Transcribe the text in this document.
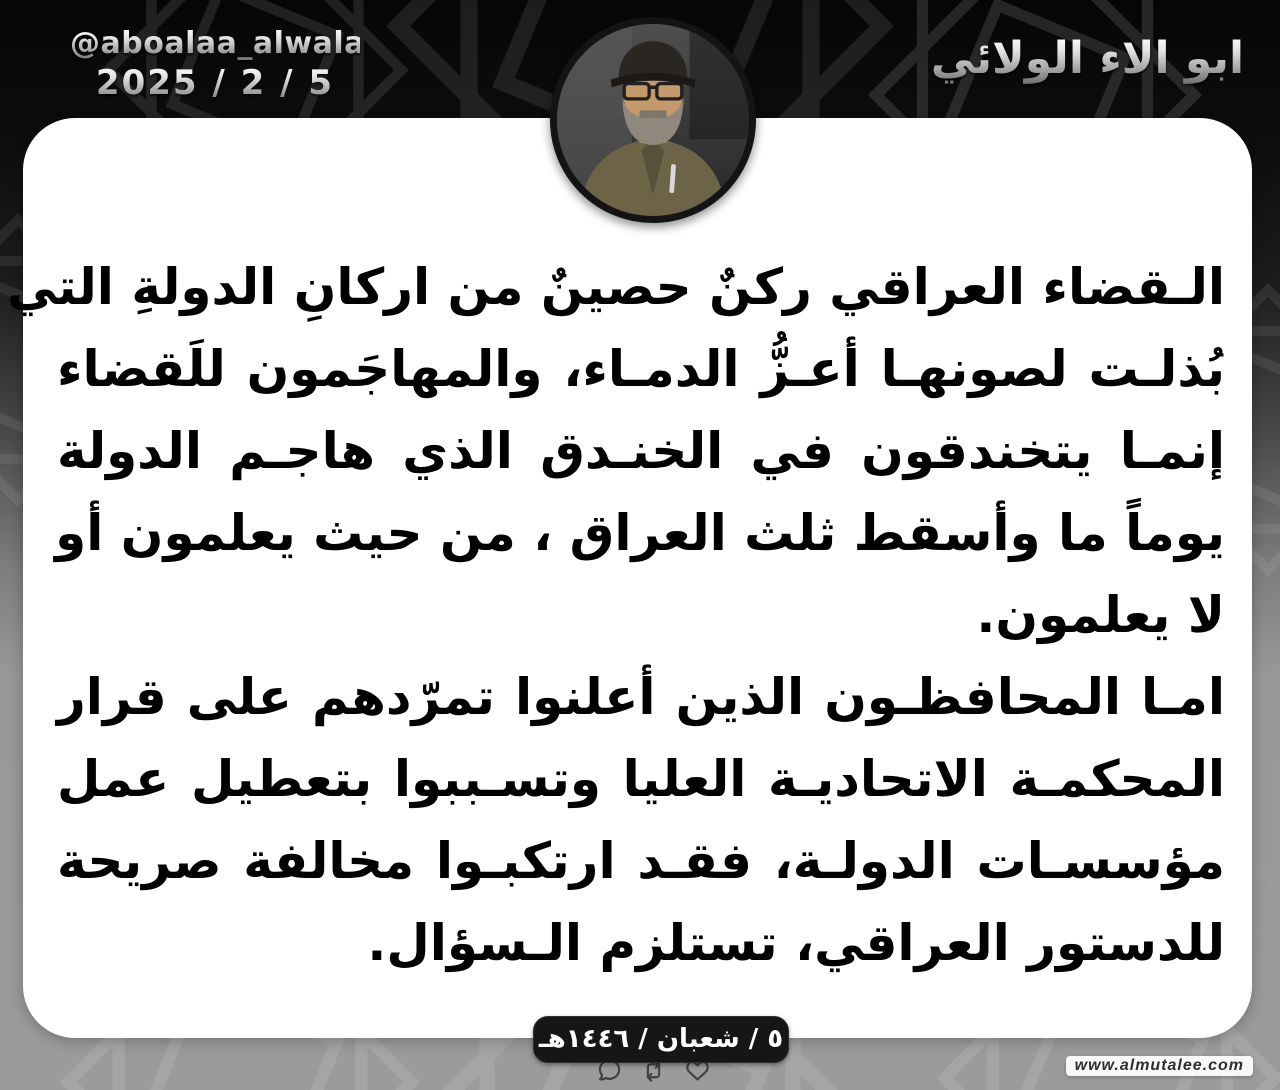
@aboalaa_alwalae
2025 / 2 / 5	ابو الاء الولائي
الـقضاء العراقي ركنٌ حصينٌ من اركانِ الدولةِ التي
بُذلـت لصونهـا أعـزُّ الدمـاء، والمهاجَمون للَقضاء
إنمـا يتخندقون في الخنـدق الذي هاجـم الدولة
يوماً ما وأسقط ثلث العراق ، من حيث يعلمون أو
لا يعلمون.
امـا المحافظـون الذين أعلنوا تمرّدهم على قرار
المحكمـة الاتحاديـة العليا وتسـببوا بتعطيل عمل
مؤسسـات الدولـة، فقـد ارتكبـوا مخالفة صريحة
للدستور العراقي، تستلزم الـسؤال.
٥ / شعبان / ١٤٤٦هـ
www.almutalee.com
